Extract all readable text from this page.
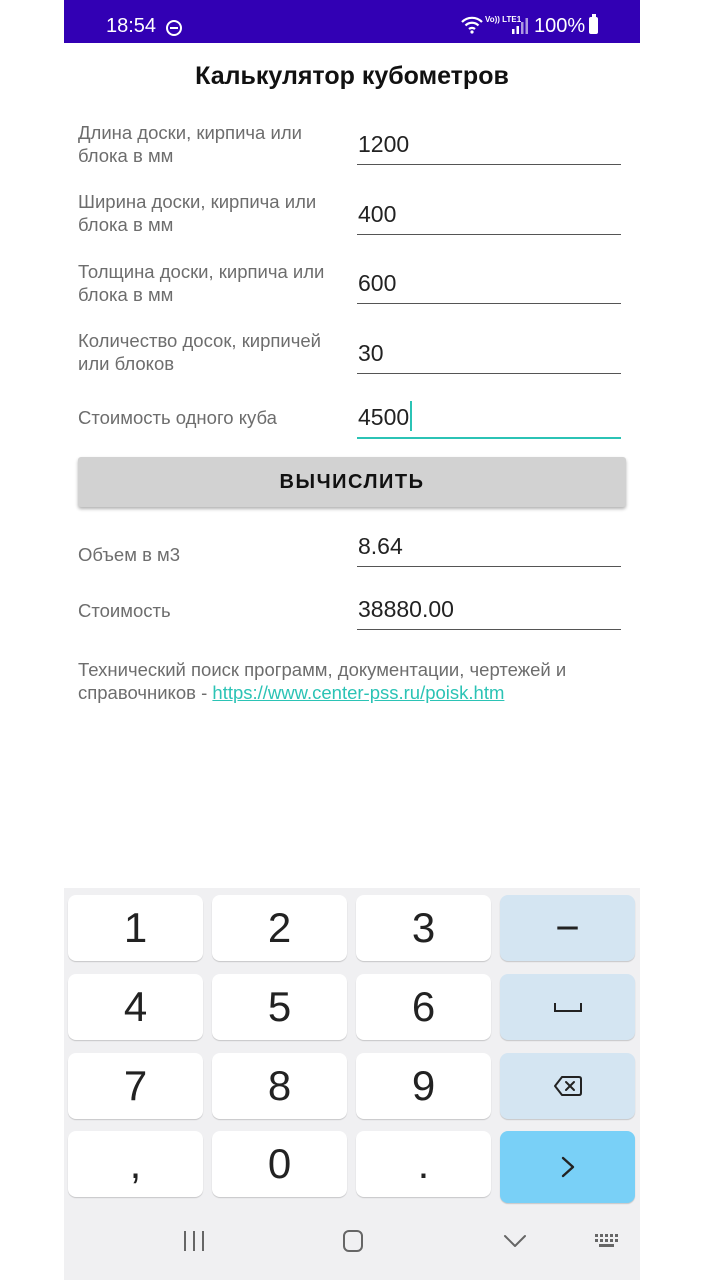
18:54	Vo)) LTE1 100%
Калькулятор кубометров
Длина доски, кирпича или блока в мм	1200
Ширина доски, кирпича или блока в мм	400
Толщина доски, кирпича или блока в мм	600
Количество досок, кирпичей или блоков	30
Стоимость одного куба	4500
ВЫЧИСЛИТЬ
Объем в м3	8.64
Стоимость	38880.00
Технический поиск программ, документации, чертежей и справочников - https://www.center-pss.ru/poisk.htm
1	2	3	−
4	5	6
7	8	9
,	0	.
